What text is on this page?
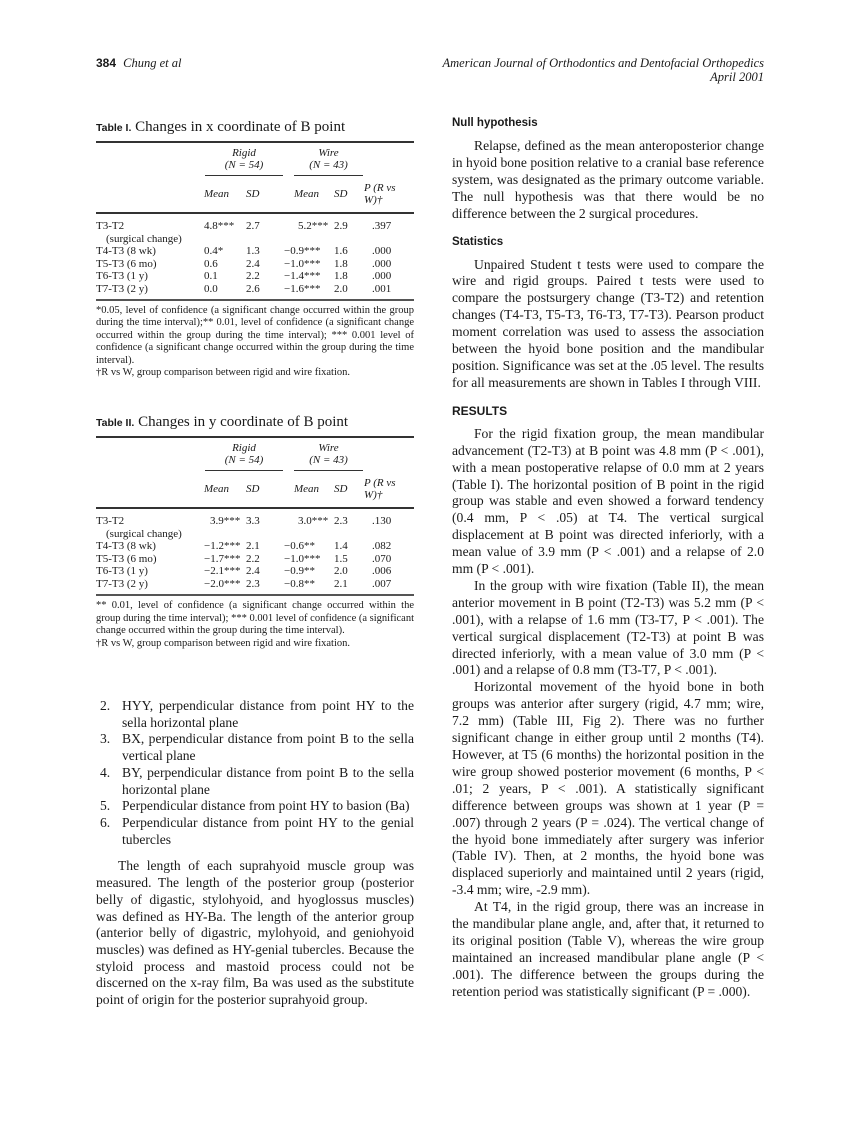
384 Chung et al	American Journal of Orthodontics and Dentofacial Orthopedics
April 2001
Table I. Changes in x coordinate of B point

	Rigid
(N = 54)		Wire
(N = 43)		

	Mean	SD	Mean	SD	P (R vs W)†

T3-T2	4.8***	2.7	5.2***	2.9	.397
(surgical change)					
T4-T3 (8 wk)	0.4*	1.3	−0.9***	1.6	.000
T5-T3 (6 mo)	0.6	2.4	−1.0***	1.8	.000
T6-T3 (1 y)	0.1	2.2	−1.4***	1.8	.000
T7-T3 (2 y)	0.0	2.6	−1.6***	2.0	.001

*0.05, level of confidence (a significant change occurred within the group during the time interval);** 0.01, level of confidence (a significant change occurred within the group during the time interval); *** 0.001 level of confidence (a significant change occurred within the group during the time interval).

†R vs W, group comparison between rigid and wire fixation.

Table II. Changes in y coordinate of B point

	Rigid
(N = 54)		Wire
(N = 43)		

	Mean	SD	Mean	SD	P (R vs W)†

T3-T2	3.9***	3.3	3.0***	2.3	.130
(surgical change)					
T4-T3 (8 wk)	−1.2***	2.1	−0.6**	1.4	.082
T5-T3 (6 mo)	−1.7***	2.2	−1.0***	1.5	.070
T6-T3 (1 y)	−2.1***	2.4	−0.9**	2.0	.006
T7-T3 (2 y)	−2.0***	2.3	−0.8**	2.1	.007

** 0.01, level of confidence (a significant change occurred within the group during the time interval); *** 0.001 level of confidence (a significant change occurred within the group during the time interval).

†R vs W, group comparison between rigid and wire fixation.

2. HYY, perpendicular distance from point HY to the sella horizontal plane
3. BX, perpendicular distance from point B to the sella vertical plane
4. BY, perpendicular distance from point B to the sella horizontal plane
5. Perpendicular distance from point HY to basion (Ba)
6. Perpendicular distance from point HY to the genial tubercles

The length of each suprahyoid muscle group was measured. The length of the posterior group (posterior belly of digastic, stylohyoid, and hyoglossus muscles) was defined as HY-Ba. The length of the anterior group (anterior belly of digastric, mylohyoid, and geniohyoid muscles) was defined as HY-genial tubercles. Because the styloid process and mastoid process could not be discerned on the x-ray film, Ba was used as the substitute point of origin for the posterior suprahyoid group.

Null hypothesis

Relapse, defined as the mean anteroposterior change in hyoid bone position relative to a cranial base reference system, was designated as the primary outcome variable. The null hypothesis was that there would be no difference between the 2 surgical procedures.

Statistics

Unpaired Student t tests were used to compare the wire and rigid groups. Paired t tests were used to compare the postsurgery change (T3-T2) and retention changes (T4-T3, T5-T3, T6-T3, T7-T3). Pearson product moment correlation was used to assess the association between the hyoid bone position and the mandibular position. Significance was set at the .05 level. The results for all measurements are shown in Tables I through VIII.

RESULTS

For the rigid fixation group, the mean mandibular advancement (T2-T3) at B point was 4.8 mm (P < .001), with a mean postoperative relapse of 0.0 mm at 2 years (Table I). The horizontal position of B point in the rigid group was stable and even showed a forward tendency (0.4 mm, P < .05) at T4. The vertical surgical displacement at B point was directed inferiorly, with a mean value of 3.9 mm (P < .001) and a relapse of 2.0 mm (P < .001).

In the group with wire fixation (Table II), the mean anterior movement in B point (T2-T3) was 5.2 mm (P < .001), with a relapse of 1.6 mm (T3-T7, P < .001). The vertical surgical displacement (T2-T3) at point B was directed inferiorly, with a mean value of 3.0 mm (P < .001) and a relapse of 0.8 mm (T3-T7, P < .001).

Horizontal movement of the hyoid bone in both groups was anterior after surgery (rigid, 4.7 mm; wire, 7.2 mm) (Table III, Fig 2). There was no further significant change in either group until 2 months (T4). However, at T5 (6 months) the horizontal position in the wire group showed posterior movement (6 months, P < .01; 2 years, P < .001). A statistically significant difference between groups was shown at 1 year (P = .007) through 2 years (P = .024). The vertical change of the hyoid bone immediately after surgery was inferior (Table IV). Then, at 2 months, the hyoid bone was displaced superiorly and maintained until 2 years (rigid, -3.4 mm; wire, -2.9 mm).

At T4, in the rigid group, there was an increase in the mandibular plane angle, and, after that, it returned to its original position (Table V), whereas the wire group maintained an increased mandibular plane angle (P < .001). The difference between the groups during the retention period was statistically significant (P = .000).
